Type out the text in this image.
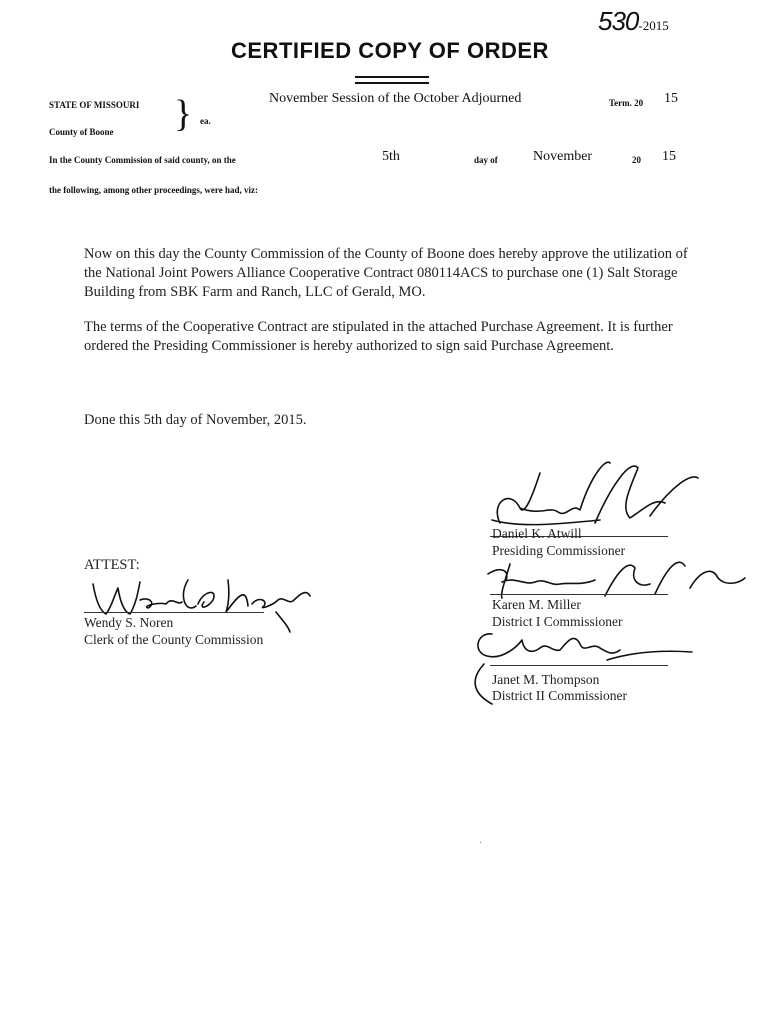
530-2015
CERTIFIED COPY OF ORDER
STATE OF MISSOURI
County of Boone } ea.
November Session of the October Adjourned	Term. 20 15
In the County Commission of said county, on the	5th	day of	November	20 15
the following, among other proceedings, were had, viz:
Now on this day the County Commission of the County of Boone does hereby approve the utilization of the National Joint Powers Alliance Cooperative Contract 080114ACS to purchase one (1) Salt Storage Building from SBK Farm and Ranch, LLC of Gerald, MO.
The terms of the Cooperative Contract are stipulated in the attached Purchase Agreement. It is further ordered the Presiding Commissioner is hereby authorized to sign said Purchase Agreement.
Done this 5th day of November, 2015.
Daniel K. Atwill
Presiding Commissioner
Karen M. Miller
District I Commissioner
Janet M. Thompson
District II Commissioner
ATTEST:
Wendy S. Noren
Clerk of the County Commission
